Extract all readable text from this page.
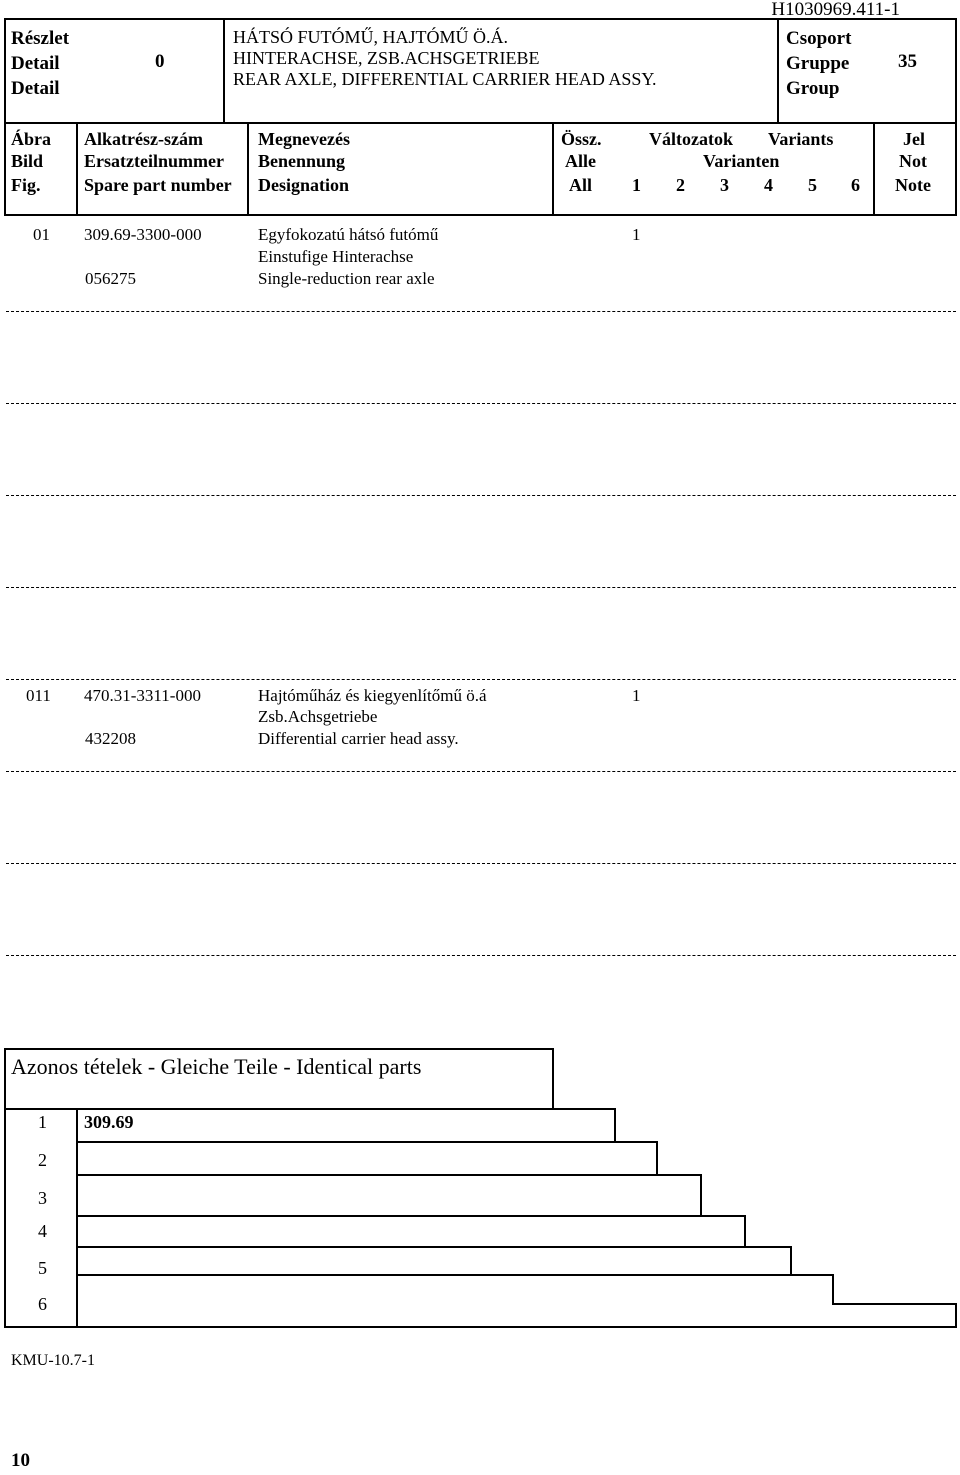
H1030969.411-1
Részlet
Detail
Detail
0
HÁTSÓ FUTÓMŰ, HAJTÓMŰ Ö.Á.
HINTERACHSE, ZSB.ACHSGETRIEBE
REAR AXLE, DIFFERENTIAL CARRIER HEAD ASSY.
Csoport
Gruppe
Group
35
Ábra
Bild
Fig.
Alkatrész-szám
Ersatzteilnummer
Spare part number
Megnevezés
Benennung
Designation
Össz.
Alle
All
Változatok Variants
Varianten
1 2 3 4 5 6
Jel
Not
Note
01 309.69-3300-000
056275
Egyfokozatú hátsó futómű
Einstufige Hinterachse
Single-reduction rear axle
1
011 470.31-3311-000
432208
Hajtóműház és kiegyenlítőmű ö.á
Zsb.Achsgetriebe
Differential carrier head assy.
1
Azonos tételek - Gleiche Teile - Identical parts
1 309.69
2
3
4
5
6
KMU-10.7-1
10
